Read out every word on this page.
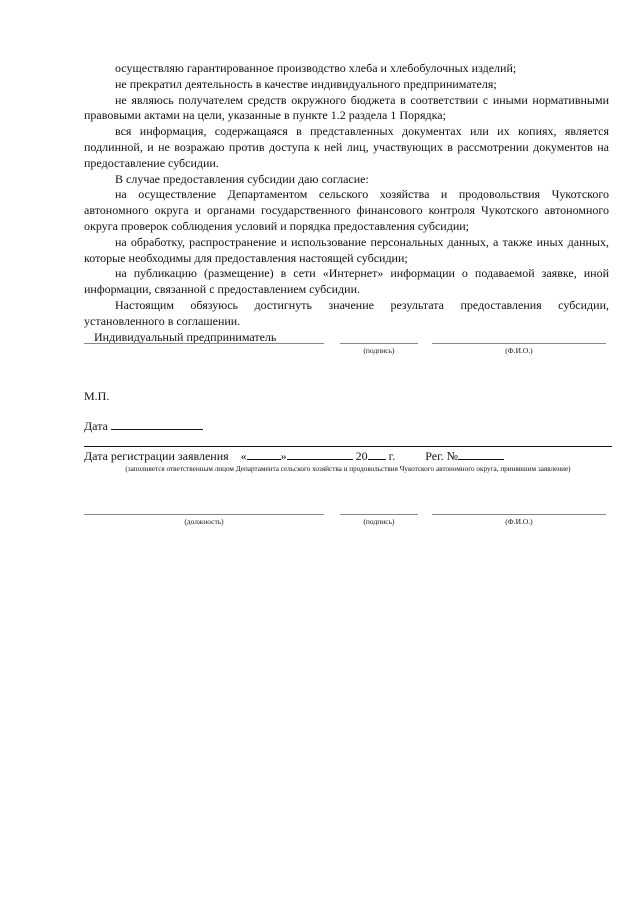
осуществляю гарантированное производство хлеба и хлебобулочных изделий;

не прекратил деятельность в качестве индивидуального предпринимателя;

не являюсь получателем средств окружного бюджета в соответствии с иными нормативными правовыми актами на цели, указанные в пункте 1.2 раздела 1 Порядка;

вся информация, содержащаяся в представленных документах или их копиях, является подлинной, и не возражаю против доступа к ней лиц, участвующих в рассмотрении документов на предоставление субсидии.

В случае предоставления субсидии даю согласие:

на осуществление Департаментом сельского хозяйства и продовольствия Чукотского автономного округа и органами государственного финансового контроля Чукотского автономного округа проверок соблюдения условий и порядка предоставления субсидии;

на обработку, распространение и использование персональных данных, а также иных данных, которые необходимы для предоставления настоящей субсидии;

на публикацию (размещение) в сети «Интернет» информации о подаваемой заявке, иной информации, связанной с предоставлением субсидии.

Настоящим обязуюсь достигнуть значение результата предоставления субсидии, установленного в соглашении.

Индивидуальный предприниматель
(подпись)	(Ф.И.О.)
М.П.
Дата
Дата регистрации заявления «	»	20 г.	Рег. №
(заполняется ответственным лицом Департамента сельского хозяйства и продовольствия Чукотского автономного округа, принявшим заявление)
(должность)	(подпись)	(Ф.И.О.)
